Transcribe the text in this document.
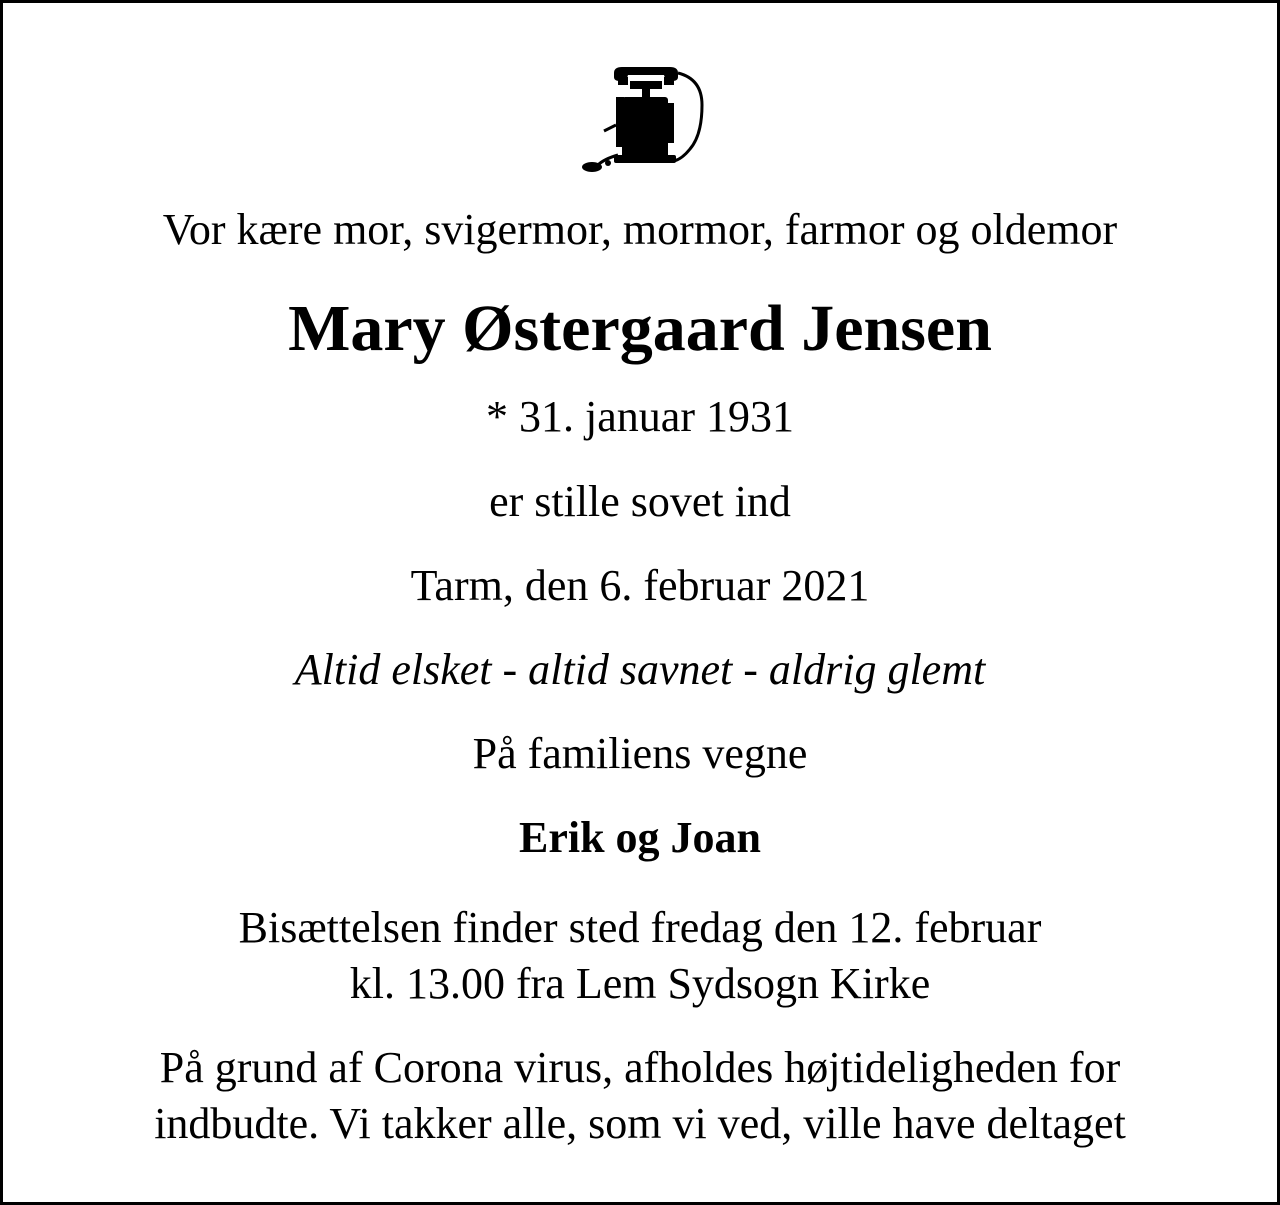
Vor kære mor, svigermor, mormor, farmor og oldemor
Mary Østergaard Jensen
* 31. januar 1931
er stille sovet ind
Tarm, den 6. februar 2021
Altid elsket - altid savnet - aldrig glemt
På familiens vegne
Erik og Joan
Bisættelsen finder sted fredag den 12. februar
kl. 13.00 fra Lem Sydsogn Kirke
På grund af Corona virus, afholdes højtideligheden for
indbudte. Vi takker alle, som vi ved, ville have deltaget
